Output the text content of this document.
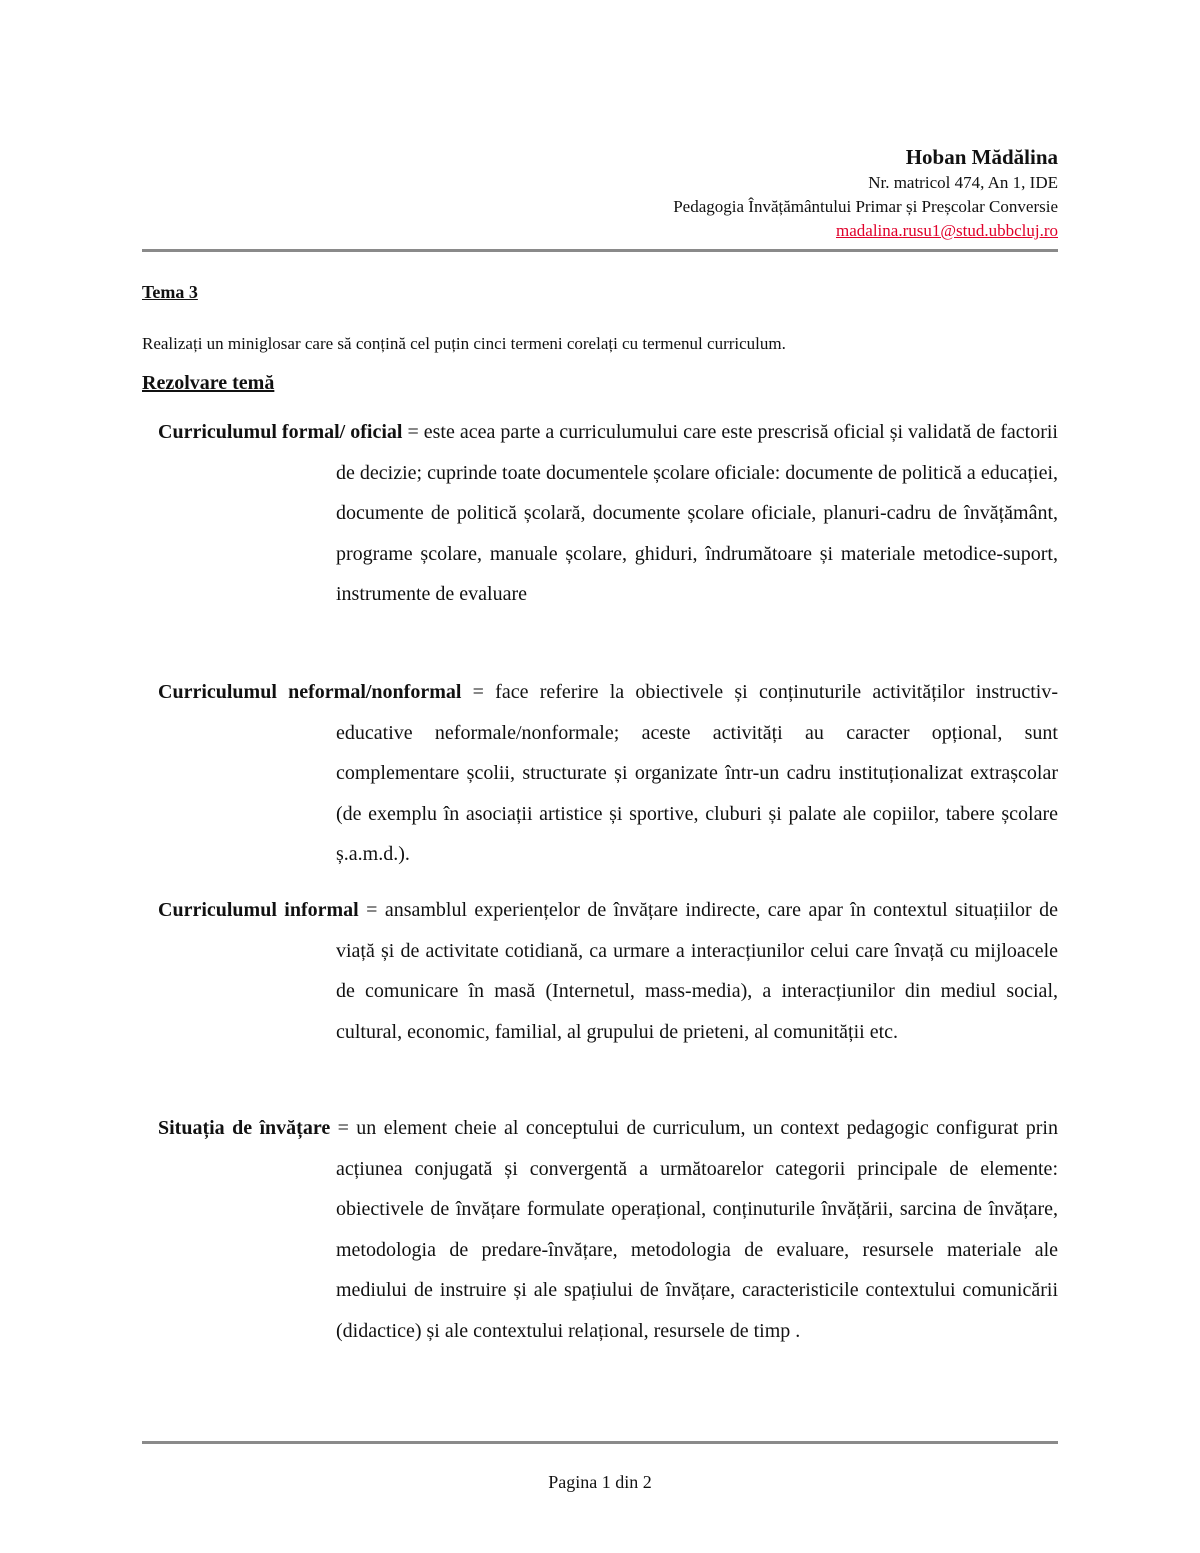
Hoban Mădălina
Nr. matricol 474, An 1, IDE
Pedagogia Învățământului Primar și Preșcolar Conversie
madalina.rusu1@stud.ubbcluj.ro
Tema 3
Realizați un miniglosar care să conțină cel puțin cinci termeni corelați cu termenul curriculum.
Rezolvare temă
Curriculumul formal/ oficial = este acea parte a curriculumului care este prescrisă oficial și validată de factorii de decizie; cuprinde toate documentele școlare oficiale: documente de politică a educației, documente de politică școlară, documente școlare oficiale, planuri-cadru de învățământ, programe școlare, manuale școlare, ghiduri, îndrumătoare și materiale metodice-suport, instrumente de evaluare
Curriculumul neformal/nonformal = face referire la obiectivele și conținuturile activităților instructiv-educative neformale/nonformale; aceste activități au caracter opțional, sunt complementare școlii, structurate și organizate într-un cadru instituționalizat extrașcolar (de exemplu în asociații artistice și sportive, cluburi și palate ale copiilor, tabere școlare ș.a.m.d.).
Curriculumul informal = ansamblul experiențelor de învățare indirecte, care apar în contextul situațiilor de viață și de activitate cotidiană, ca urmare a interacțiunilor celui care învață cu mijloacele de comunicare în masă (Internetul, mass-media), a interacțiunilor din mediul social, cultural, economic, familial, al grupului de prieteni, al comunității etc.
Situația de învățare = un element cheie al conceptului de curriculum, un context pedagogic configurat prin acțiunea conjugată și convergentă a următoarelor categorii principale de elemente: obiectivele de învățare formulate operațional, conținuturile învățării, sarcina de învățare, metodologia de predare-învățare, metodologia de evaluare, resursele materiale ale mediului de instruire și ale spațiului de învățare, caracteristicile contextului comunicării (didactice) și ale contextului relațional, resursele de timp .
Pagina 1 din 2
